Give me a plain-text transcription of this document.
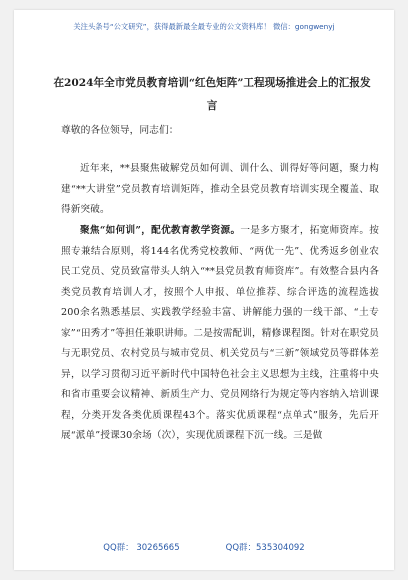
关注头条号“公文研究”，获得最新最全最专业的公文资料库！ 微信：gongwenyj
在2024年全市党员教育培训“红色矩阵”工程现场推进会上的汇报发言
尊敬的各位领导，同志们：
近年来，**县聚焦破解党员如何训、训什么、训得好等问题，聚力构建“**大讲堂”党员教育培训矩阵，推动全县党员教育培训实现全覆盖、取得新突破。
聚焦“如何训”，配优教育教学资源。一是多方聚才，拓宽师资库。按照专兼结合原则，将144名优秀党校教师、“两优一先”、优秀返乡创业农民工党员、党员致富带头人纳入“**县党员教育师资库”。有效整合县内各类党员教育培训人才，按照个人申报、单位推荐、综合评选的流程选拔200余名熟悉基层、实践教学经验丰富、讲解能力强的一线干部、“土专家”“田秀才”等担任兼职讲师。二是按需配训，精修课程图。针对在职党员与无职党员、农村党员与城市党员、机关党员与“三新”领域党员等群体差异，以学习贯彻习近平新时代中国特色社会主义思想为主线，注重将中央和省市重要会议精神、新质生产力、党员网络行为规定等内容纳入培训课程，分类开发各类优质课程43个。落实优质课程“点单式”服务，先后开展“派单”授课30余场（次），实现优质课程下沉一线。三是做
QQ群： 30265665	QQ群：535304092
